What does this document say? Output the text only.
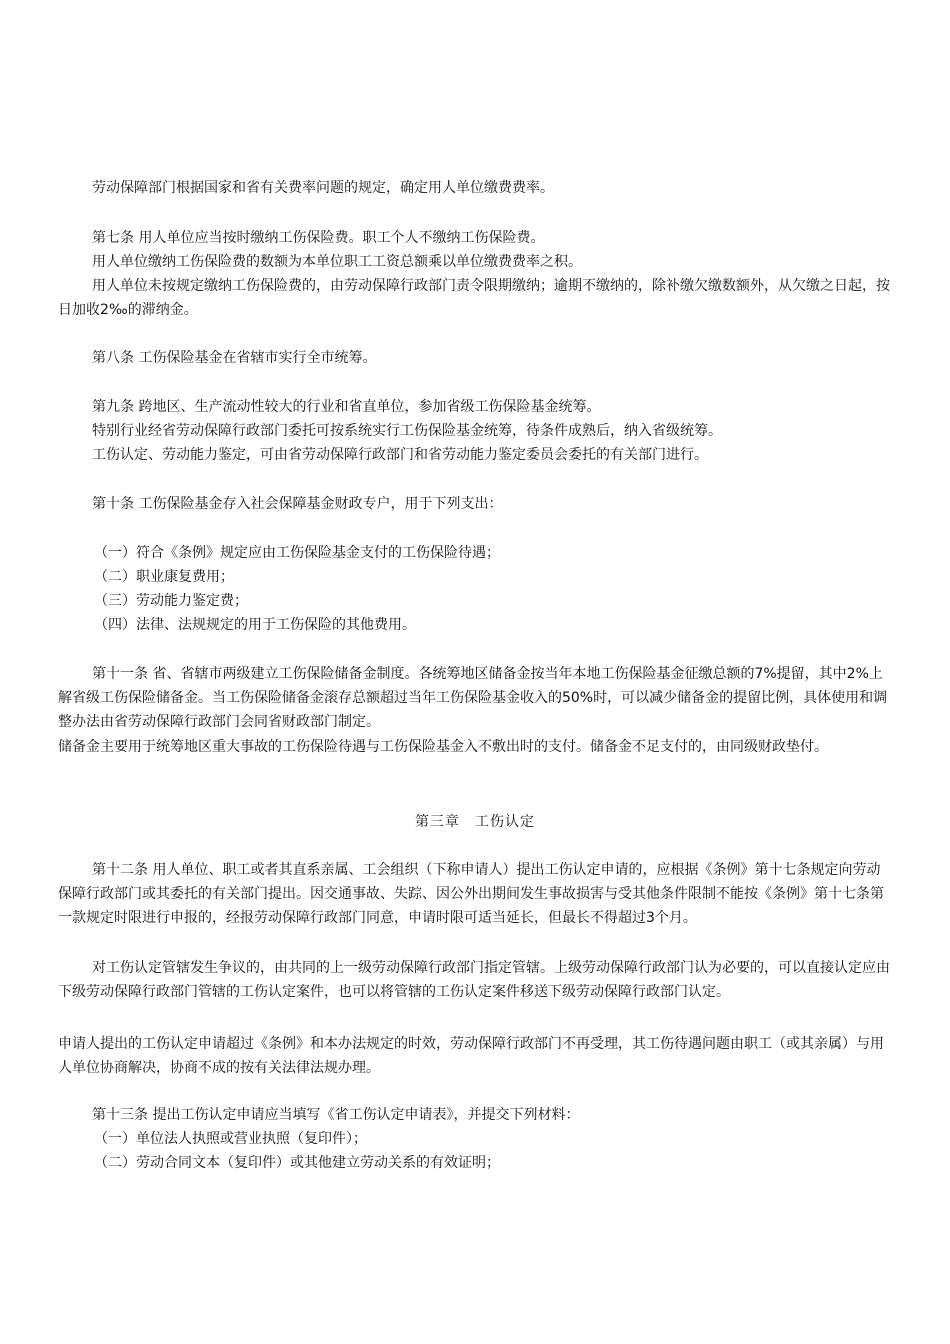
劳动保障部门根据国家和省有关费率问题的规定，确定用人单位缴费费率。

第七条 用人单位应当按时缴纳工伤保险费。职工个人不缴纳工伤保险费。

用人单位缴纳工伤保险费的数额为本单位职工工资总额乘以单位缴费费率之积。

用人单位未按规定缴纳工伤保险费的，由劳动保障行政部门责令限期缴纳；逾期不缴纳的，除补缴欠缴数额外，从欠缴之日起，按日加收2‰的滞纳金。

第八条 工伤保险基金在省辖市实行全市统筹。

第九条 跨地区、生产流动性较大的行业和省直单位，参加省级工伤保险基金统筹。

特别行业经省劳动保障行政部门委托可按系统实行工伤保险基金统筹，待条件成熟后，纳入省级统筹。

工伤认定、劳动能力鉴定，可由省劳动保障行政部门和省劳动能力鉴定委员会委托的有关部门进行。

第十条 工伤保险基金存入社会保障基金财政专户，用于下列支出：

（一）符合《条例》规定应由工伤保险基金支付的工伤保险待遇；

（二）职业康复费用；

（三）劳动能力鉴定费；

（四）法律、法规规定的用于工伤保险的其他费用。

第十一条 省、省辖市两级建立工伤保险储备金制度。各统筹地区储备金按当年本地工伤保险基金征缴总额的7%提留，其中2%上解省级工伤保险储备金。当工伤保险储备金滚存总额超过当年工伤保险基金收入的50%时，可以减少储备金的提留比例，具体使用和调整办法由省劳动保障行政部门会同省财政部门制定。

储备金主要用于统筹地区重大事故的工伤保险待遇与工伤保险基金入不敷出时的支付。储备金不足支付的，由同级财政垫付。

第三章　工伤认定

第十二条 用人单位、职工或者其直系亲属、工会组织（下称申请人）提出工伤认定申请的，应根据《条例》第十七条规定向劳动保障行政部门或其委托的有关部门提出。因交通事故、失踪、因公外出期间发生事故损害与受其他条件限制不能按《条例》第十七条第一款规定时限进行申报的，经报劳动保障行政部门同意，申请时限可适当延长，但最长不得超过3个月。

对工伤认定管辖发生争议的，由共同的上一级劳动保障行政部门指定管辖。上级劳动保障行政部门认为必要的，可以直接认定应由下级劳动保障行政部门管辖的工伤认定案件，也可以将管辖的工伤认定案件移送下级劳动保障行政部门认定。

申请人提出的工伤认定申请超过《条例》和本办法规定的时效，劳动保障行政部门不再受理，其工伤待遇问题由职工（或其亲属）与用人单位协商解决，协商不成的按有关法律法规办理。

第十三条 提出工伤认定申请应当填写《省工伤认定申请表》，并提交下列材料：

（一）单位法人执照或营业执照（复印件）；

（二）劳动合同文本（复印件）或其他建立劳动关系的有效证明；
